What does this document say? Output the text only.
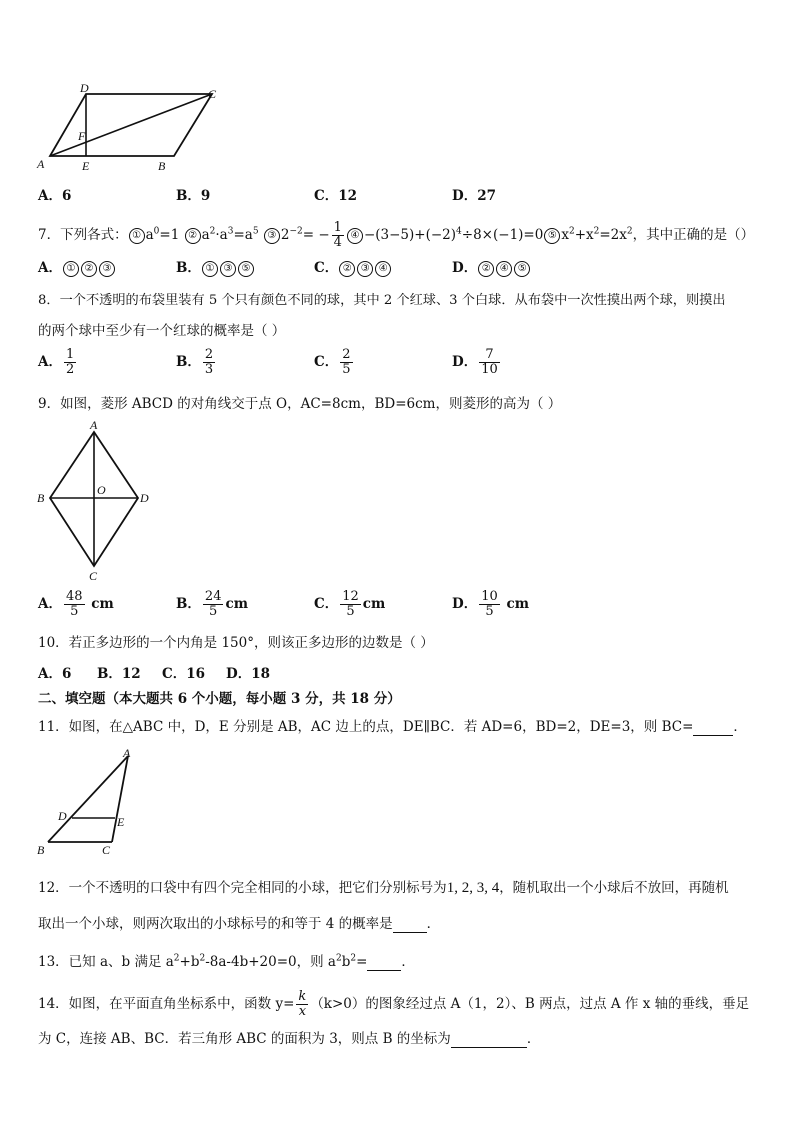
D	C
F
A	E	B
A．6	B．9	C．12	D．27
7．下列各式： ① $a^0=1$ ② $a^2\cdot a^3=a^5$ ③ $2^{-2}= - \frac{1}{4}$ ④ $-(3-5)+(-2)^4\div 8\times(-1)=0$ ⑤ $x^2+x^2=2x^2$，其中正确的是（）
A． ① ② ③	B． ① ③ ⑤	C． ② ③ ④	D． ② ④ ⑤
8．一个不透明的布袋里装有 5 个只有颜色不同的球，其中 2 个红球、3 个白球．从布袋中一次性摸出两个球，则摸出
的两个球中至少有一个红球的概率是（ ）
A． $\frac{1}{2}$	B． $\frac{2}{3}$	C． $\frac{2}{5}$	D． $\frac{7}{10}$
9．如图，菱形 ABCD 的对角线交于点 O，AC=8cm，BD=6cm，则菱形的高为（ ）
A
B
O
D
C
A． $\frac{48}{5}$ cm	B． $\frac{24}{5}$ cm	C． $\frac{12}{5}$ cm	D． $\frac{10}{5}$ cm
10．若正多边形的一个内角是 150°，则该正多边形的边数是（ ）
A．6 B．12 C．16 D．18
二、填空题（本大题共 6 个小题，每小题 3 分，共 18 分）
11．如图，在△ABC 中，D，E 分别是 AB，AC 边上的点，DE∥BC．若 AD=6，BD=2，DE=3，则 BC=	．
A
D	E
B	C
12．一个不透明的口袋中有四个完全相同的小球，把它们分别标号为1, 2, 3, 4，随机取出一个小球后不放回，再随机
取出一个小球，则两次取出的小球标号的和等于 4 的概率是	．
13．已知 a、b 满足 $a^2+b^2-8a-4b+20=0$，则 $a^2b^2=$	．
14．如图，在平面直角坐标系中，函数 $y= \frac{k}{x} (k>0)$的图象经过点 A（1，2）、B 两点，过点 A 作 x 轴的垂线，垂足
为 C，连接 AB、BC．若三角形 ABC 的面积为 3，则点 B 的坐标为	．
